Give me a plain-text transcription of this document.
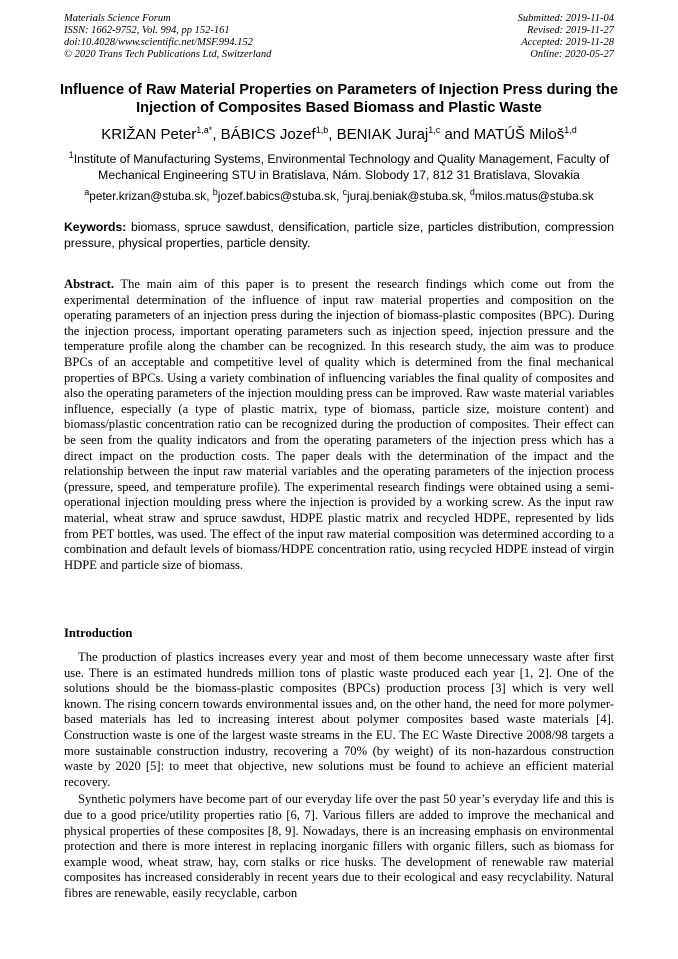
Materials Science Forum
ISSN: 1662-9752, Vol. 994, pp 152-161
doi:10.4028/www.scientific.net/MSF.994.152
© 2020 Trans Tech Publications Ltd, Switzerland
Submitted: 2019-11-04
Revised: 2019-11-27
Accepted: 2019-11-28
Online: 2020-05-27
Influence of Raw Material Properties on Parameters of Injection Press during the Injection of Composites Based Biomass and Plastic Waste
KRIŽAN Peter$^{1,a*}$, BÁBICS Jozef$^{1,b}$, BENIAK Juraj$^{1,c}$ and MATÚŠ Miloš$^{1,d}$
$^1$Institute of Manufacturing Systems, Environmental Technology and Quality Management, Faculty of Mechanical Engineering STU in Bratislava, Nám. Slobody 17, 812 31 Bratislava, Slovakia
$^a$peter.krizan@stuba.sk, $^b$jozef.babics@stuba.sk, $^c$juraj.beniak@stuba.sk, $^d$milos.matus@stuba.sk
Keywords: biomass, spruce sawdust, densification, particle size, particles distribution, compression pressure, physical properties, particle density.
Abstract. The main aim of this paper is to present the research findings which come out from the experimental determination of the influence of input raw material properties and composition on the operating parameters of an injection press during the injection of biomass-plastic composites (BPC). During the injection process, important operating parameters such as injection speed, injection pressure and the temperature profile along the chamber can be recognized. In this research study, the aim was to produce BPCs of an acceptable and competitive level of quality which is determined from the final mechanical properties of BPCs. Using a variety combination of influencing variables the final quality of composites and also the operating parameters of the injection moulding press can be improved. Raw waste material variables influence, especially (a type of plastic matrix, type of biomass, particle size, moisture content) and biomass/plastic concentration ratio can be recognized during the production of composites. Their effect can be seen from the quality indicators and from the operating parameters of the injection press which has a direct impact on the production costs. The paper deals with the determination of the impact and the relationship between the input raw material variables and the operating parameters of the injection process (pressure, speed, and temperature profile). The experimental research findings were obtained using a semi-operational injection moulding press where the injection is provided by a working screw. As the input raw material, wheat straw and spruce sawdust, HDPE plastic matrix and recycled HDPE, represented by lids from PET bottles, was used. The effect of the input raw material composition was determined according to a combination and default levels of biomass/HDPE concentration ratio, using recycled HDPE instead of virgin HDPE and particle size of biomass.
Introduction

The production of plastics increases every year and most of them become unnecessary waste after first use. There is an estimated hundreds million tons of plastic waste produced each year [1, 2]. One of the solutions should be the biomass-plastic composites (BPCs) production process [3] which is very well known. The rising concern towards environmental issues and, on the other hand, the need for more polymer-based materials has led to increasing interest about polymer composites based waste materials [4]. Construction waste is one of the largest waste streams in the EU. The EC Waste Directive 2008/98 targets a more sustainable construction industry, recovering a 70% (by weight) of its non-hazardous construction waste by 2020 [5]: to meet that objective, new solutions must be found to achieve an efficient material recovery.

Synthetic polymers have become part of our everyday life over the past 50 year’s everyday life and this is due to a good price/utility properties ratio [6, 7]. Various fillers are added to improve the mechanical and physical properties of these composites [8, 9]. Nowadays, there is an increasing emphasis on environmental protection and there is more interest in replacing inorganic fillers with organic fillers, such as biomass for example wood, wheat straw, hay, corn stalks or rice husks. The development of renewable raw material composites has increased considerably in recent years due to their ecological and easy recyclability. Natural fibres are renewable, easily recyclable, carbon
